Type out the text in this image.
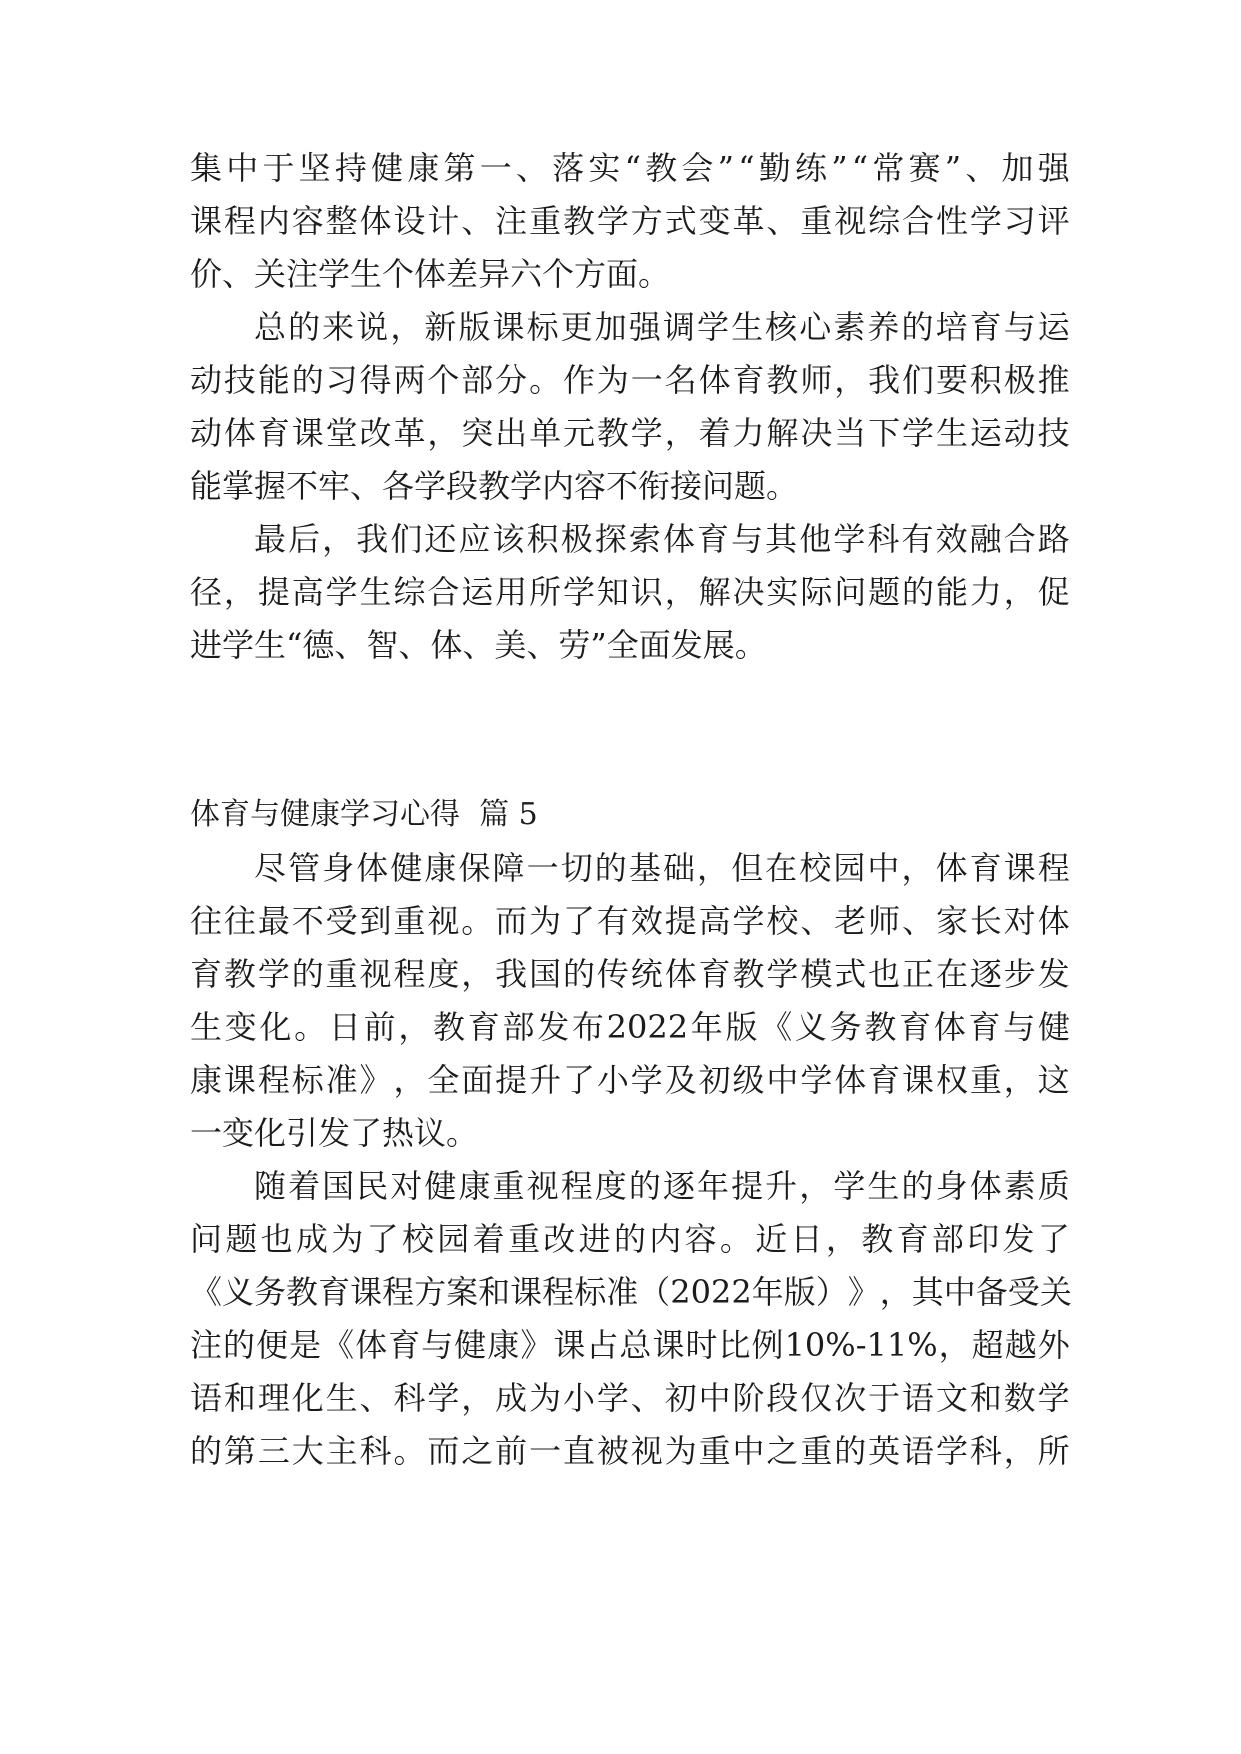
集 中 于 坚 持 健 康 第 一 、 落 实 “ 教 会 ” “ 勤 练 ” “ 常 赛 ” 、 加 强
课 程 内 容 整 体 设 计 、 注 重 教 学 方 式 变 革 、 重 视 综 合 性 学 习 评
价、关注学生个体差异六个方面。
总 的 来 说 ， 新 版 课 标 更 加 强 调 学 生 核 心 素 养 的 培 育 与 运
动 技 能 的 习 得 两 个 部 分 。 作 为 一 名 体 育 教 师 ， 我 们 要 积 极 推
动 体 育 课 堂 改 革 ， 突 出 单 元 教 学 ， 着 力 解 决 当 下 学 生 运 动 技
能掌握不牢、各学段教学内容不衔接问题。
最 后 ， 我 们 还 应 该 积 极 探 索 体 育 与 其 他 学 科 有 效 融 合 路
径 ， 提 高 学 生 综 合 运 用 所 学 知 识 ， 解 决 实 际 问 题 的 能 力 ， 促
进学生“德、智、体、美、劳”全面发展。
体育与健康学习心得  篇 5
尽 管 身 体 健 康 保 障 一 切 的 基 础 ， 但 在 校 园 中 ， 体 育 课 程
往 往 最 不 受 到 重 视 。 而 为 了 有 效 提 高 学 校 、 老 师 、 家 长 对 体
育 教 学 的 重 视 程 度 ， 我 国 的 传 统 体 育 教 学 模 式 也 正 在 逐 步 发
生 变 化 。 日 前 ， 教 育 部 发 布 2022 年 版 《 义 务 教 育 体 育 与 健
康 课 程 标 准 》 ， 全 面 提 升 了 小 学 及 初 级 中 学 体 育 课 权 重 ， 这
一变化引发了热议。
随 着 国 民 对 健 康 重 视 程 度 的 逐 年 提 升 ， 学 生 的 身 体 素 质
问 题 也 成 为 了 校 园 着 重 改 进 的 内 容 。 近 日 ， 教 育 部 印 发 了
《 义 务 教 育 课 程 方 案 和 课 程 标 准 （ 2022 年 版 ） 》 ， 其 中 备 受 关
注 的 便 是 《 体 育 与 健 康 》 课 占 总 课 时 比 例 10%-11% ， 超 越 外
语 和 理 化 生 、 科 学 ， 成 为 小 学 、 初 中 阶 段 仅 次 于 语 文 和 数 学
的 第 三 大 主 科 。 而 之 前 一 直 被 视 为 重 中 之 重 的 英 语 学 科 ， 所
